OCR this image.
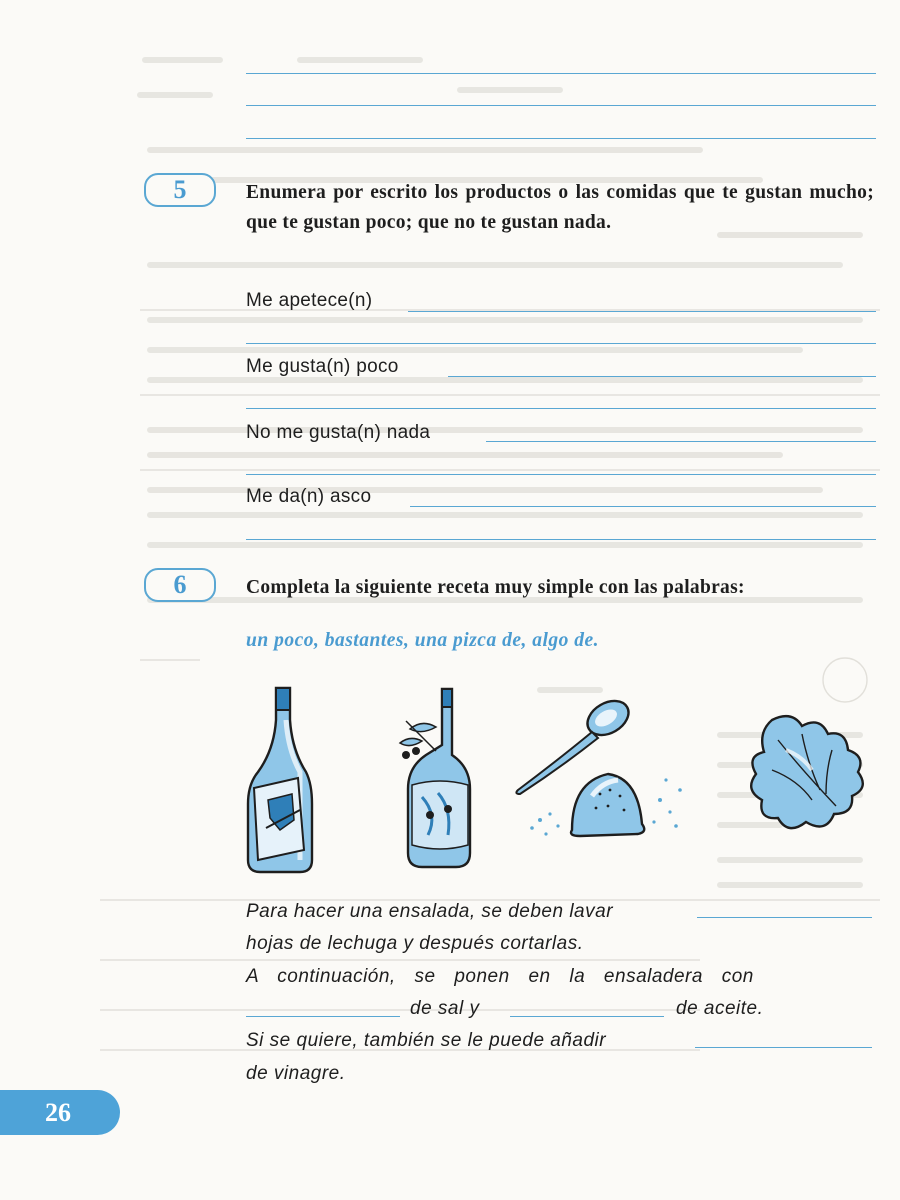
5	Enumera por escrito los productos o las comidas que te gustan mucho; que te gustan poco; que no te gustan nada.
Me apetece(n)
Me gusta(n) poco
No me gusta(n) nada
Me da(n) asco
6	Completa la siguiente receta muy simple con las palabras:
un poco, bastantes, una pizca de, algo de.
Para hacer una ensalada, se deben lavar
hojas de lechuga y después cortarlas.
A continuación, se ponen en la ensaladera con
de sal y	de aceite.
Si se quiere, también se le puede añadir
de vinagre.
26
